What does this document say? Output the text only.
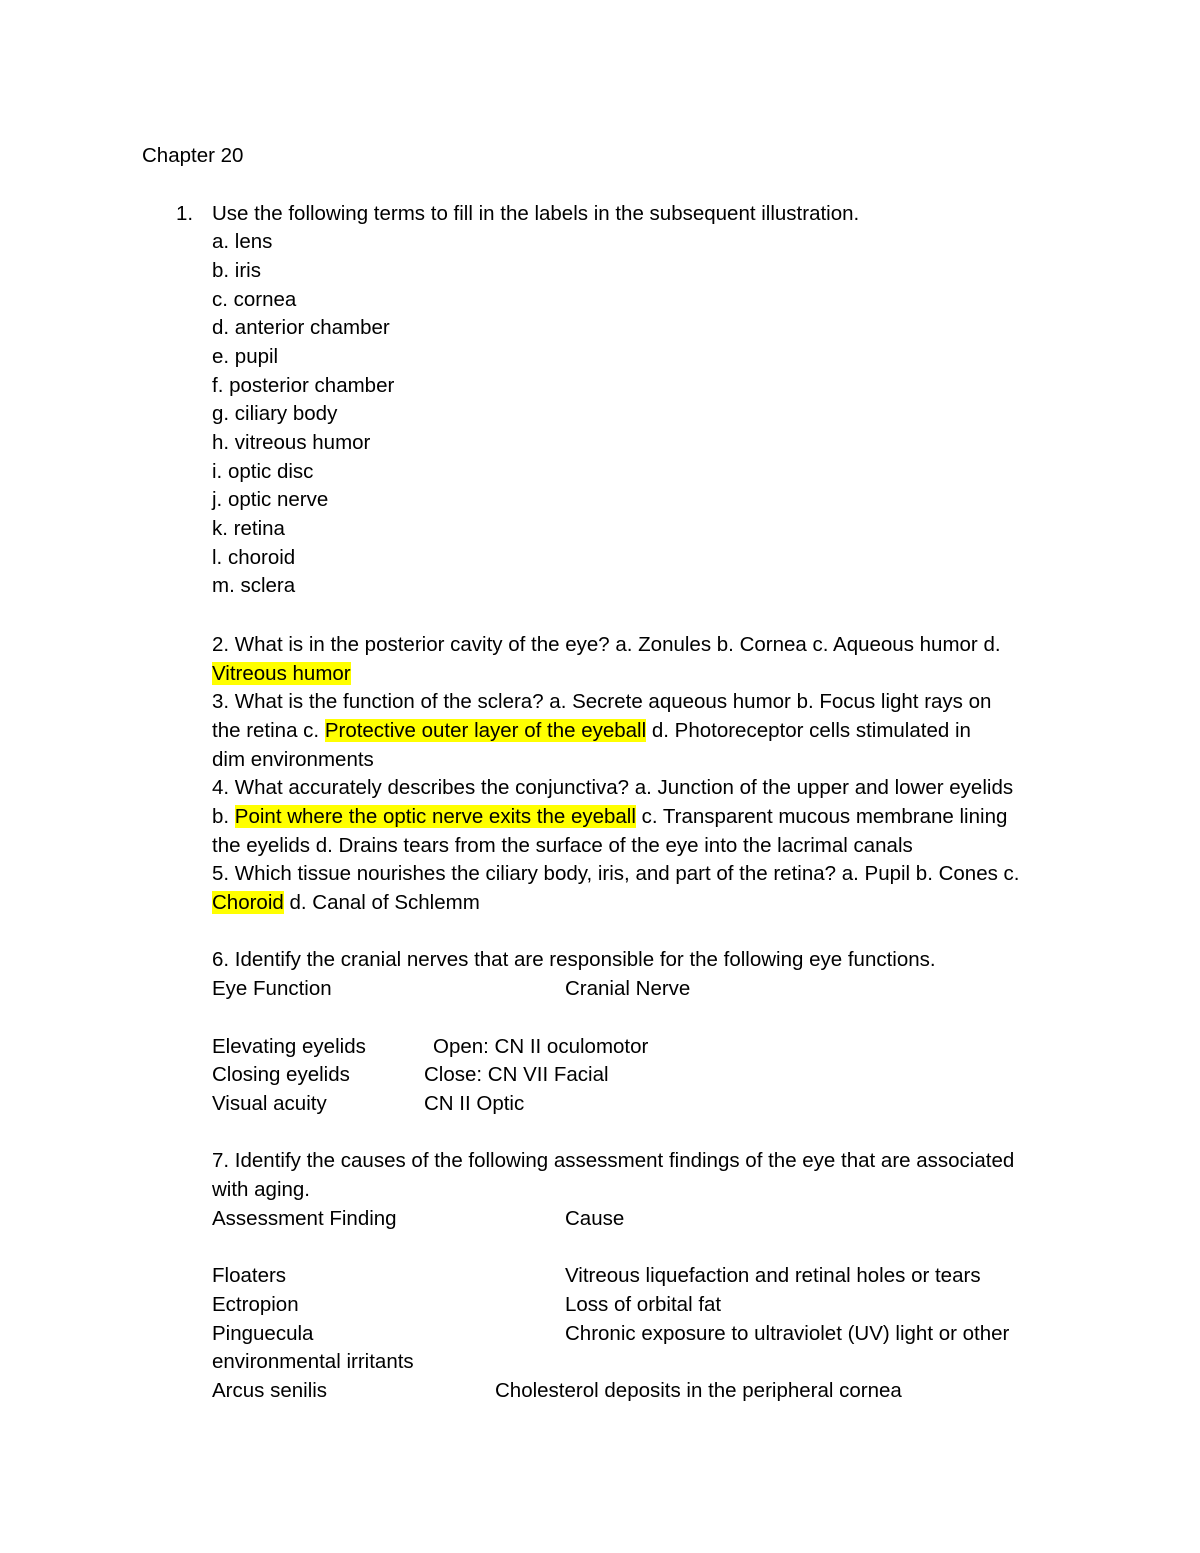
Chapter 20
1. Use the following terms to fill in the labels in the subsequent illustration.
a. lens
b. iris
c. cornea
d. anterior chamber
e. pupil
f. posterior chamber
g. ciliary body
h. vitreous humor
i. optic disc
j. optic nerve
k. retina
l. choroid
m. sclera
2. What is in the posterior cavity of the eye? a. Zonules b. Cornea c. Aqueous humor d.
Vitreous humor
3. What is the function of the sclera? a. Secrete aqueous humor b. Focus light rays on
the retina c. Protective outer layer of the eyeball d. Photoreceptor cells stimulated in
dim environments
4. What accurately describes the conjunctiva? a. Junction of the upper and lower eyelids
b. Point where the optic nerve exits the eyeball c. Transparent mucous membrane lining
the eyelids d. Drains tears from the surface of the eye into the lacrimal canals
5. Which tissue nourishes the ciliary body, iris, and part of the retina? a. Pupil b. Cones c.
Choroid d. Canal of Schlemm
6. Identify the cranial nerves that are responsible for the following eye functions.
Eye Function	Cranial Nerve
Elevating eyelids	Open: CN II oculomotor
Closing eyelids	Close: CN VII Facial
Visual acuity	CN II Optic
7. Identify the causes of the following assessment findings of the eye that are associated
with aging.
Assessment Finding	Cause
Floaters	Vitreous liquefaction and retinal holes or tears
Ectropion	Loss of orbital fat
Pinguecula	Chronic exposure to ultraviolet (UV) light or other
environmental irritants
Arcus senilis	Cholesterol deposits in the peripheral cornea
